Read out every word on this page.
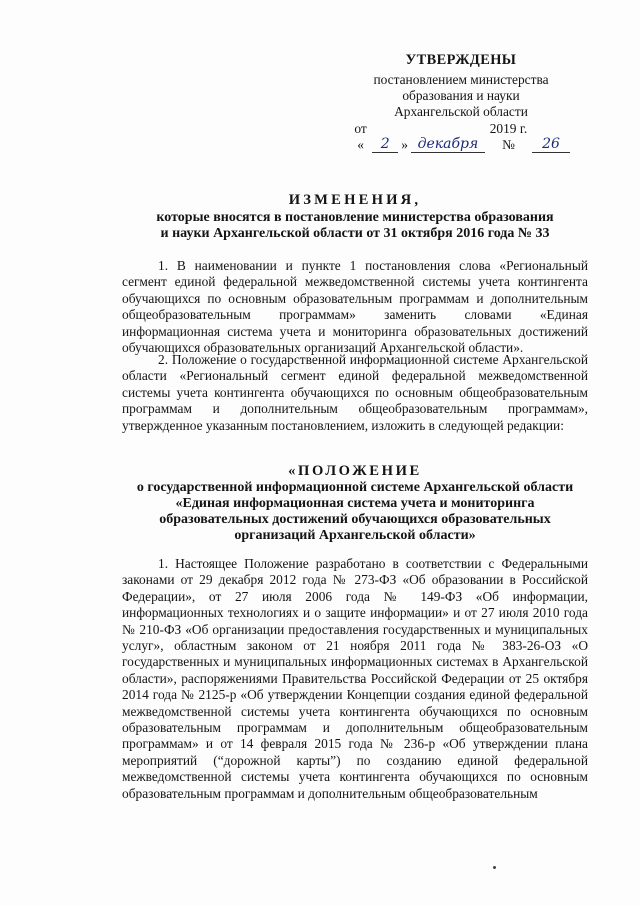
УТВЕРЖДЕНЫ
постановлением министерства
образования и науки
Архангельской области
от «	2 » декабря
2019 г. №	26
ИЗМЕНЕНИЯ,
которые вносятся в постановление министерства образования
и науки Архангельской области от 31 октября 2016 года № 33
1. В наименовании и пункте 1 постановления слова «Региональный сегмент единой федеральной межведомственной системы учета контингента обучающихся по основным образовательным программам и дополнительным общеобразовательным программам» заменить словами «Единая информационная система учета и мониторинга образовательных достижений обучающихся образовательных организаций Архангельской области».
2. Положение о государственной информационной системе Архангельской области «Региональный сегмент единой федеральной межведомственной системы учета контингента обучающихся по основным общеобразовательным программам и дополнительным общеобразовательным программам», утвержденное указанным постановлением, изложить в следующей редакции:
«ПОЛОЖЕНИЕ
о государственной информационной системе Архангельской области
«Единая информационная система учета и мониторинга
образовательных достижений обучающихся образовательных
организаций Архангельской области»
1. Настоящее Положение разработано в соответствии с Федеральными законами от 29 декабря 2012 года № 273-ФЗ «Об образовании в Российской Федерации», от 27 июля 2006 года № 149-ФЗ «Об информации, информационных технологиях и о защите информации» и от 27 июля 2010 года № 210-ФЗ «Об организации предоставления государственных и муниципальных услуг», областным законом от 21 ноября 2011 года № 383-26-ОЗ «О государственных и муниципальных информационных системах в Архангельской области», распоряжениями Правительства Российской Федерации от 25 октября 2014 года № 2125-р «Об утверждении Концепции создания единой федеральной межведомственной системы учета контингента обучающихся по основным образовательным программам и дополнительным общеобразовательным программам» и от 14 февраля 2015 года № 236-р «Об утверждении плана мероприятий (“дорожной карты”) по созданию единой федеральной межведомственной системы учета контингента обучающихся по основным образовательным программам и дополнительным общеобразовательным
